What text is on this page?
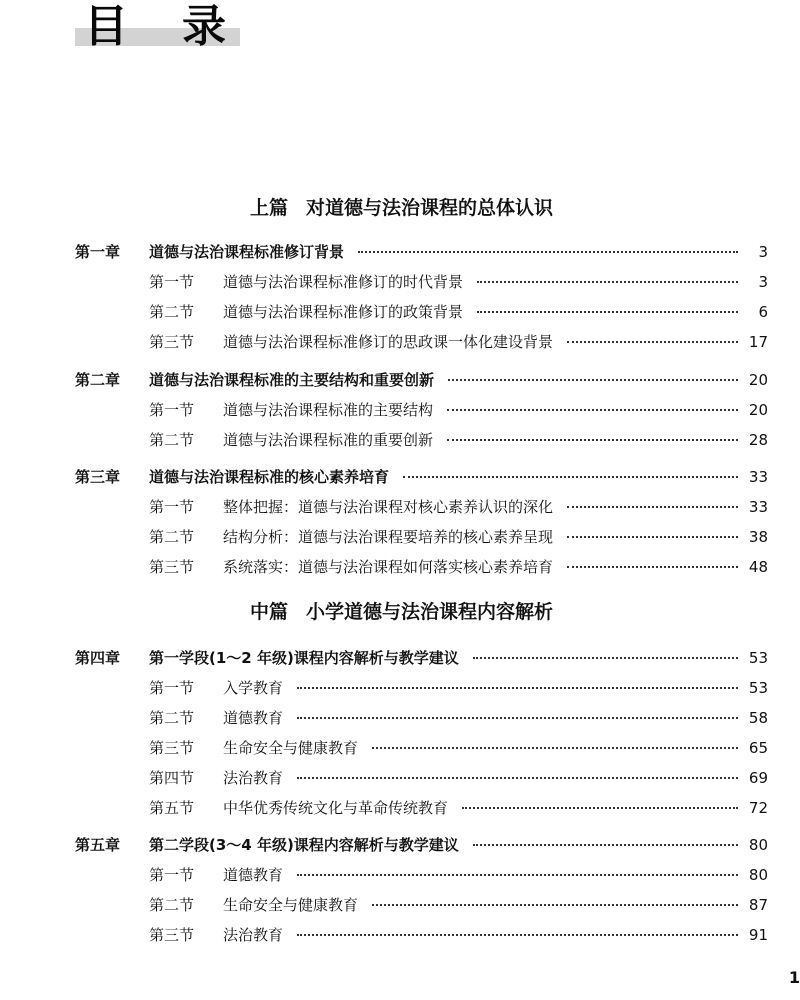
目录
上篇 对道德与法治课程的总体认识
中篇 小学道德与法治课程内容解析
第一章 道德与法治课程标准修订背景	3
第一节 道德与法治课程标准修订的时代背景	3
第二节 道德与法治课程标准修订的政策背景	6
第三节 道德与法治课程标准修订的思政课一体化建设背景	17
第二章 道德与法治课程标准的主要结构和重要创新	20
第一节 道德与法治课程标准的主要结构	20
第二节 道德与法治课程标准的重要创新	28
第三章 道德与法治课程标准的核心素养培育	33
第一节 整体把握：道德与法治课程对核心素养认识的深化	33
第二节 结构分析：道德与法治课程要培养的核心素养呈现	38
第三节 系统落实：道德与法治课程如何落实核心素养培育	48
第四章 第一学段(1～2 年级)课程内容解析与教学建议	53
第一节 入学教育	53
第二节 道德教育	58
第三节 生命安全与健康教育	65
第四节 法治教育	69
第五节 中华优秀传统文化与革命传统教育	72
第五章 第二学段(3～4 年级)课程内容解析与教学建议	80
第一节 道德教育	80
第二节 生命安全与健康教育	87
第三节 法治教育	91
1
